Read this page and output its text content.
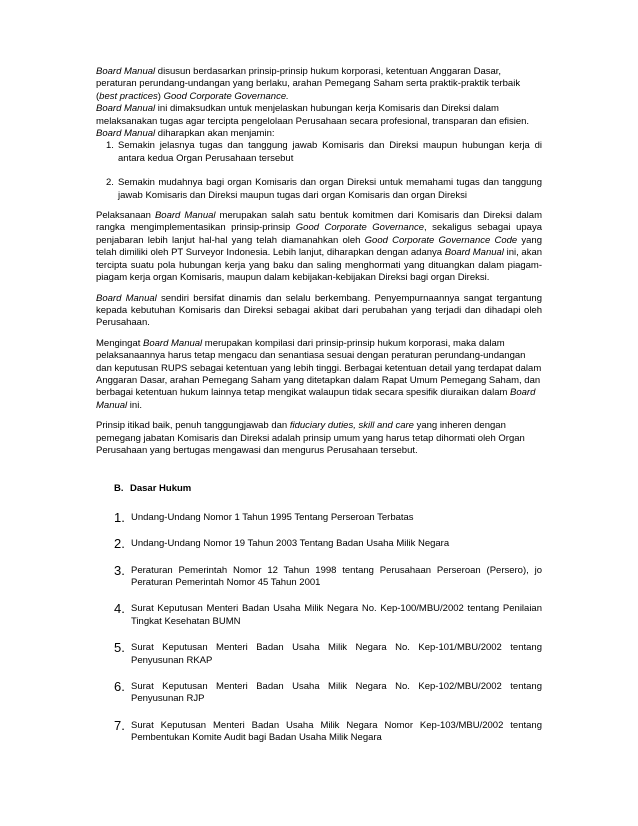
Board Manual disusun berdasarkan prinsip-prinsip hukum korporasi, ketentuan Anggaran Dasar, peraturan perundang-undangan yang berlaku, arahan Pemegang Saham serta praktik-praktik terbaik (best practices) Good Corporate Governance.

Board Manual ini dimaksudkan untuk menjelaskan hubungan kerja Komisaris dan Direksi dalam melaksanakan tugas agar tercipta pengelolaan Perusahaan secara profesional, transparan dan efisien.

Board Manual diharapkan akan menjamin:

1. Semakin jelasnya tugas dan tanggung jawab Komisaris dan Direksi maupun hubungan kerja di antara kedua Organ Perusahaan tersebut
2. Semakin mudahnya bagi organ Komisaris dan organ Direksi untuk memahami tugas dan tanggung jawab Komisaris dan Direksi maupun tugas dari organ Komisaris dan organ Direksi

Pelaksanaan Board Manual merupakan salah satu bentuk komitmen dari Komisaris dan Direksi dalam rangka mengimplementasikan prinsip-prinsip Good Corporate Governance, sekaligus sebagai upaya penjabaran lebih lanjut hal-hal yang telah diamanahkan oleh Good Corporate Governance Code yang telah dimiliki oleh PT Surveyor Indonesia. Lebih lanjut, diharapkan dengan adanya Board Manual ini, akan tercipta suatu pola hubungan kerja yang baku dan saling menghormati yang dituangkan dalam piagam-piagam kerja organ Komisaris, maupun dalam kebijakan-kebijakan Direksi bagi organ Direksi.

Board Manual sendiri bersifat dinamis dan selalu berkembang. Penyempurnaannya sangat tergantung kepada kebutuhan Komisaris dan Direksi sebagai akibat dari perubahan yang terjadi dan dihadapi oleh Perusahaan.

Mengingat Board Manual merupakan kompilasi dari prinsip-prinsip hukum korporasi, maka dalam pelaksanaannya harus tetap mengacu dan senantiasa sesuai dengan peraturan perundang-undangan dan keputusan RUPS sebagai ketentuan yang lebih tinggi. Berbagai ketentuan detail yang terdapat dalam Anggaran Dasar, arahan Pemegang Saham yang ditetapkan dalam Rapat Umum Pemegang Saham, dan berbagai ketentuan hukum lainnya tetap mengikat walaupun tidak secara spesifik diuraikan dalam Board Manual ini.

Prinsip itikad baik, penuh tanggungjawab dan fiduciary duties, skill and care yang inheren dengan pemegang jabatan Komisaris dan Direksi adalah prinsip umum yang harus tetap dihormati oleh Organ Perusahaan yang bertugas mengawasi dan mengurus Perusahaan tersebut.

B. Dasar Hukum
1. Undang-Undang Nomor 1 Tahun 1995 Tentang Perseroan Terbatas
2. Undang-Undang Nomor 19 Tahun 2003 Tentang Badan Usaha Milik Negara
3. Peraturan Pemerintah Nomor 12 Tahun 1998 tentang Perusahaan Perseroan (Persero), jo Peraturan Pemerintah Nomor 45 Tahun 2001
4. Surat Keputusan Menteri Badan Usaha Milik Negara No. Kep-100/MBU/2002 tentang Penilaian Tingkat Kesehatan BUMN
5. Surat Keputusan Menteri Badan Usaha Milik Negara No. Kep-101/MBU/2002 tentang Penyusunan RKAP
6. Surat Keputusan Menteri Badan Usaha Milik Negara No. Kep-102/MBU/2002 tentang Penyusunan RJP
7. Surat Keputusan Menteri Badan Usaha Milik Negara Nomor Kep-103/MBU/2002 tentang Pembentukan Komite Audit bagi Badan Usaha Milik Negara
